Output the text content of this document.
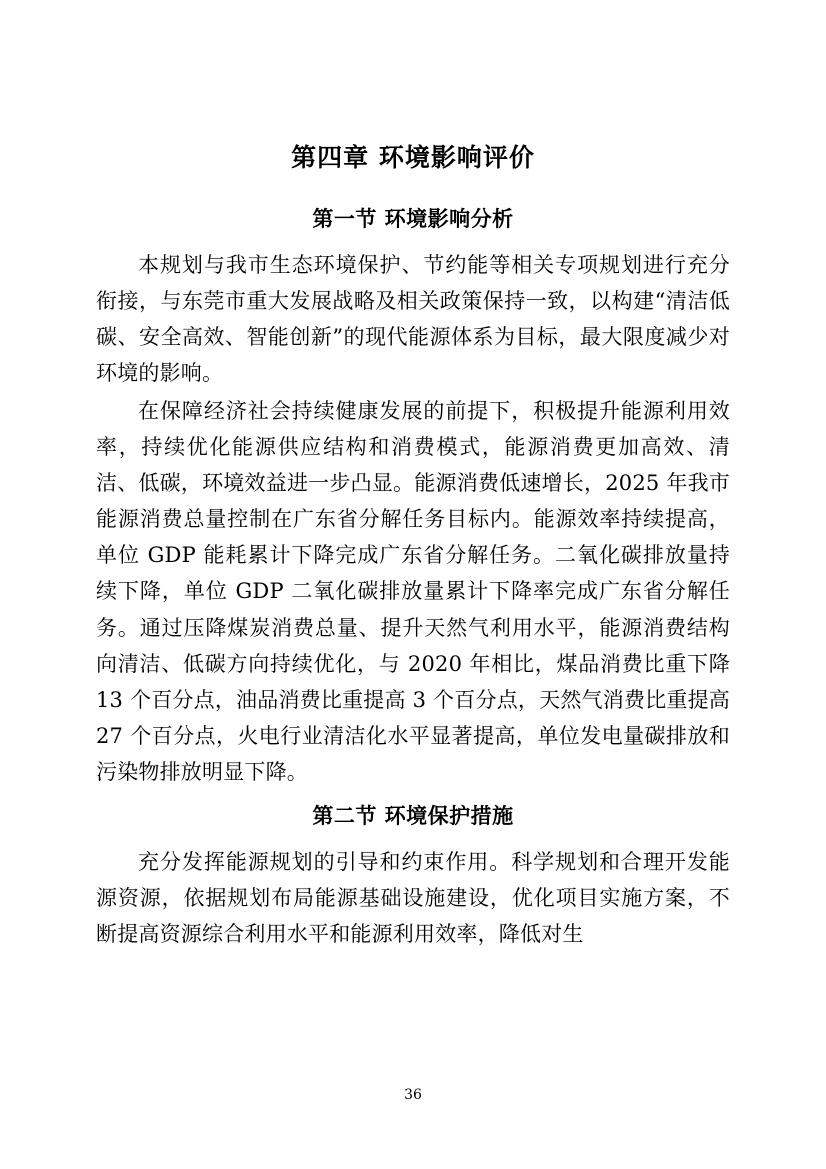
第四章 环境影响评价
第一节 环境影响分析

本规划与我市生态环境保护、节约能等相关专项规划进行充分衔接，与东莞市重大发展战略及相关政策保持一致，以构建“清洁低碳、安全高效、智能创新”的现代能源体系为目标，最大限度减少对环境的影响。

在保障经济社会持续健康发展的前提下，积极提升能源利用效率，持续优化能源供应结构和消费模式，能源消费更加高效、清洁、低碳，环境效益进一步凸显。能源消费低速增长，2025 年我市能源消费总量控制在广东省分解任务目标内。能源效率持续提高，单位 GDP 能耗累计下降完成广东省分解任务。二氧化碳排放量持续下降，单位 GDP 二氧化碳排放量累计下降率完成广东省分解任务。通过压降煤炭消费总量、提升天然气利用水平，能源消费结构向清洁、低碳方向持续优化，与 2020 年相比，煤品消费比重下降 13 个百分点，油品消费比重提高 3 个百分点，天然气消费比重提高 27 个百分点，火电行业清洁化水平显著提高，单位发电量碳排放和污染物排放明显下降。

第二节 环境保护措施

充分发挥能源规划的引导和约束作用。科学规划和合理开发能源资源，依据规划布局能源基础设施建设，优化项目实施方案，不断提高资源综合利用水平和能源利用效率，降低对生

36
